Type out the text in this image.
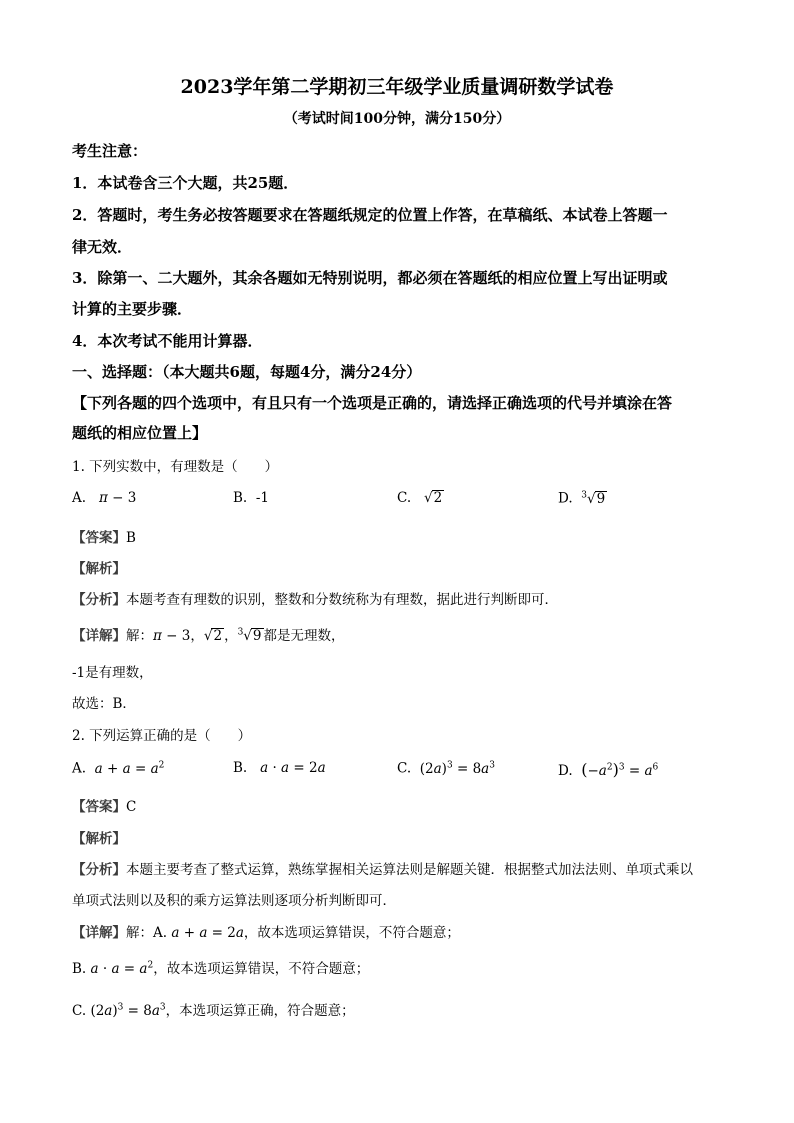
2023学年第二学期初三年级学业质量调研数学试卷
（考试时间100分钟，满分150分）
考生注意：
1．本试卷含三个大题，共25题．
2．答题时，考生务必按答题要求在答题纸规定的位置上作答，在草稿纸、本试卷上答题一
律无效．
3．除第一、二大题外，其余各题如无特别说明，都必须在答题纸的相应位置上写出证明或
计算的主要步骤．
4．本次考试不能用计算器．
一、选择题：（本大题共6题，每题4分，满分24分）
【下列各题的四个选项中，有且只有一个选项是正确的，请选择正确选项的代号并填涂在答
题纸的相应位置上】
1. 下列实数中，有理数是（　　）
A. π − 3	B. -1	C.   √2	D. $^3$√9
【答案】B
【解析】
【分析】本题考查有理数的识别，整数和分数统称为有理数，据此进行判断即可．
【详解】解：π − 3，√2 ，$^3$√9 都是无理数，
-1是有理数，
故选：B．
2. 下列运算正确的是（　　）
A. $a + a = a^2$	B. a · a = 2a	C. $(2a)^3 = 8a^3$	D. $(-a^2)^3 = a^6$
【答案】C
【解析】
【分析】本题主要考查了整式运算，熟练掌握相关运算法则是解题关键．根据整式加法法则、单项式乘以
单项式法则以及积的乘方运算法则逐项分析判断即可．
【详解】解：A. a + a = 2a，故本选项运算错误，不符合题意；
B. $a \cdot a = a^2$，故本选项运算错误，不符合题意；
C. $(2a)^3 = 8a^3$，本选项运算正确，符合题意；
